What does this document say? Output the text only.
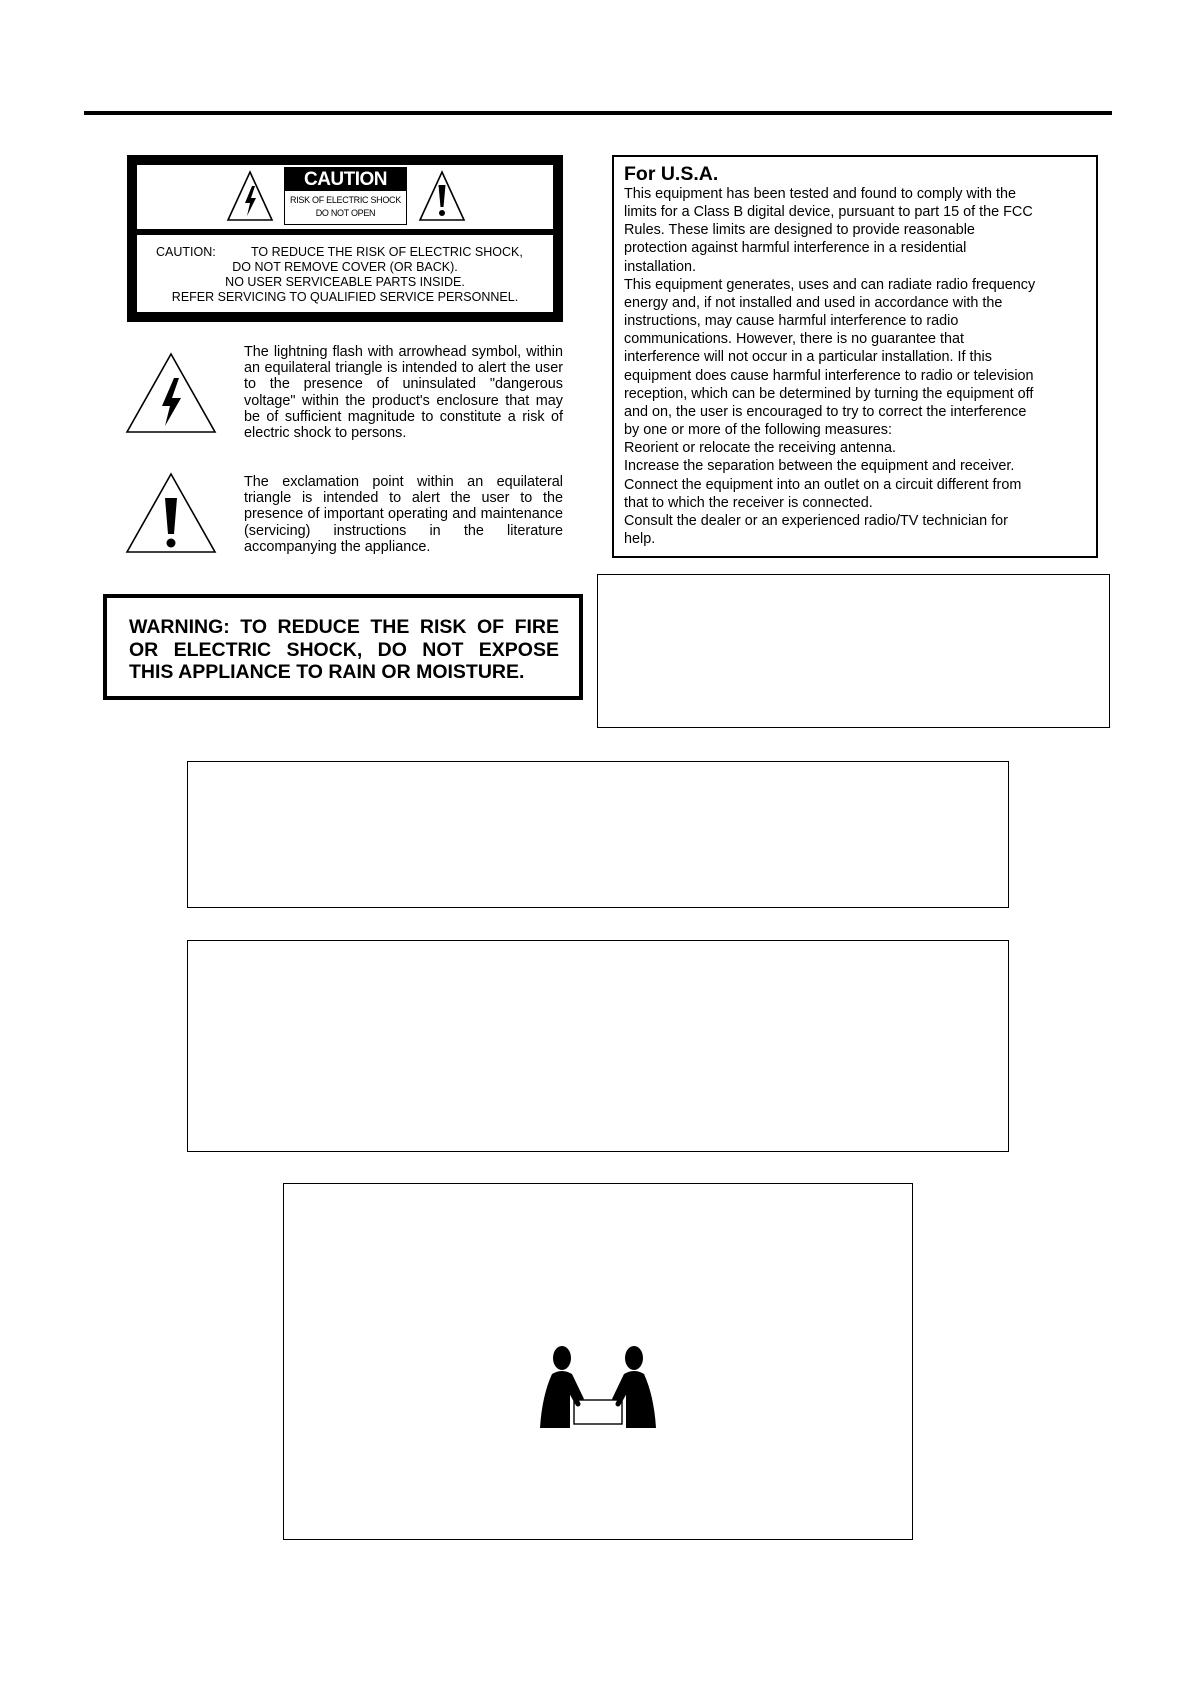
CAUTION
RISK OF ELECTRIC SHOCK
DO NOT OPEN
CAUTION:	TO REDUCE THE RISK OF ELECTRIC SHOCK,
DO NOT REMOVE COVER (OR BACK).
NO USER SERVICEABLE PARTS INSIDE.
REFER SERVICING TO QUALIFIED SERVICE PERSONNEL.
The lightning flash with arrowhead symbol, within an equilateral triangle is intended to alert the user to the presence of uninsulated "dangerous voltage" within the product's enclosure that may be of sufficient magnitude to constitute a risk of electric shock to persons.
The exclamation point within an equilateral triangle is intended to alert the user to the presence of important operating and maintenance (servicing) instructions in the literature accompanying the appliance.
WARNING: TO REDUCE THE RISK OF FIRE OR ELECTRIC SHOCK, DO NOT EXPOSE THIS APPLIANCE TO RAIN OR MOISTURE.
For U.S.A.
This equipment has been tested and found to comply with the
limits for a Class B digital device, pursuant to part 15 of the FCC
Rules. These limits are designed to provide reasonable
protection against harmful interference in a residential
installation.
This equipment generates, uses and can radiate radio frequency
energy and, if not installed and used in accordance with the
instructions, may cause harmful interference to radio
communications. However, there is no guarantee that
interference will not occur in a particular installation. If this
equipment does cause harmful interference to radio or television
reception, which can be determined by turning the equipment off
and on, the user is encouraged to try to correct the interference
by one or more of the following measures:
Reorient or relocate the receiving antenna.
Increase the separation between the equipment and receiver.
Connect the equipment into an outlet on a circuit different from
that to which the receiver is connected.
Consult the dealer or an experienced radio/TV technician for
help.
